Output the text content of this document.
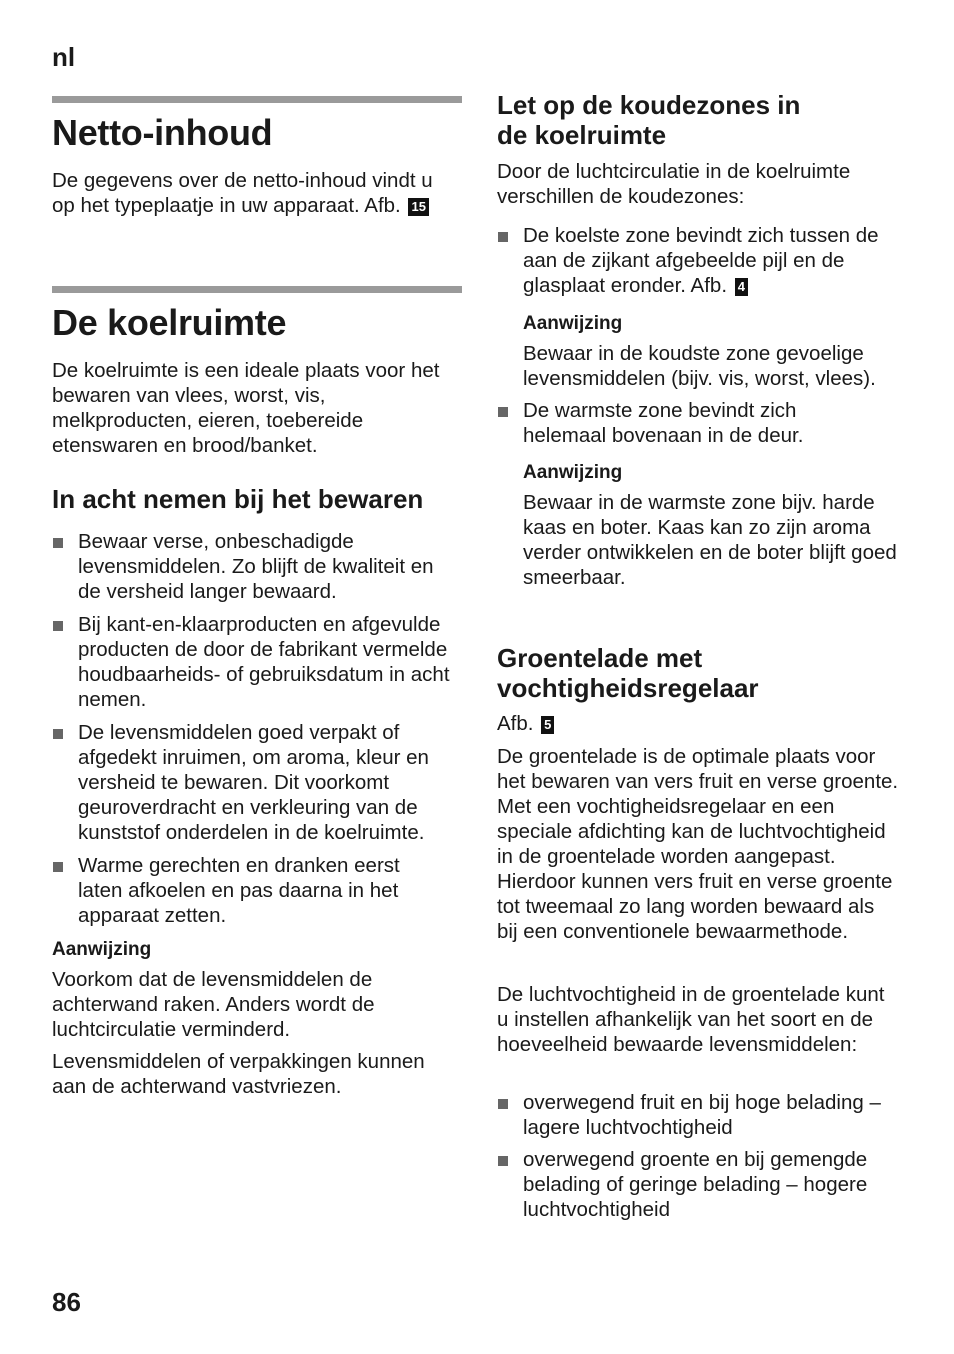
nl
86
Netto-inhoud
De gegevens over de netto-inhoud vindt u op het typeplaatje in uw apparaat. Afb. 15
De koelruimte
De koelruimte is een ideale plaats voor het bewaren van vlees, worst, vis, melkproducten, eieren, toebereide etenswaren en brood/banket.
In acht nemen bij het bewaren
Bewaar verse, onbeschadigde levensmiddelen. Zo blijft de kwaliteit en de versheid langer bewaard.
Bij kant-en-klaarproducten en afgevulde producten de door de fabrikant vermelde houdbaarheids- of gebruiksdatum in acht nemen.
De levensmiddelen goed verpakt of afgedekt inruimen, om aroma, kleur en versheid te bewaren. Dit voorkomt geuroverdracht en verkleuring van de kunststof onderdelen in de koelruimte.
Warme gerechten en dranken eerst laten afkoelen en pas daarna in het apparaat zetten.
Aanwijzing
Voorkom dat de levensmiddelen de achterwand raken. Anders wordt de luchtcirculatie verminderd.
Levensmiddelen of verpakkingen kunnen aan de achterwand vastvriezen.
Let op de koudezones in de koelruimte
Door de luchtcirculatie in de koelruimte verschillen de koudezones:
De koelste zone bevindt zich tussen de aan de zijkant afgebeelde pijl en de glasplaat eronder. Afb. 4
Aanwijzing
Bewaar in de koudste zone gevoelige levensmiddelen (bijv. vis, worst, vlees).
De warmste zone bevindt zich helemaal bovenaan in de deur.
Aanwijzing
Bewaar in de warmste zone bijv. harde kaas en boter. Kaas kan zo zijn aroma verder ontwikkelen en de boter blijft goed smeerbaar.
Groentelade met vochtigheidsregelaar
Afb. 5
De groentelade is de optimale plaats voor het bewaren van vers fruit en verse groente. Met een vochtigheidsregelaar en een speciale afdichting kan de luchtvochtigheid in de groentelade worden aangepast. Hierdoor kunnen vers fruit en verse groente tot tweemaal zo lang worden bewaard als bij een conventionele bewaarmethode.
De luchtvochtigheid in de groentelade kunt u instellen afhankelijk van het soort en de hoeveelheid bewaarde levensmiddelen:
overwegend fruit en bij hoge belading – lagere luchtvochtigheid
overwegend groente en bij gemengde belading of geringe belading – hogere luchtvochtigheid
